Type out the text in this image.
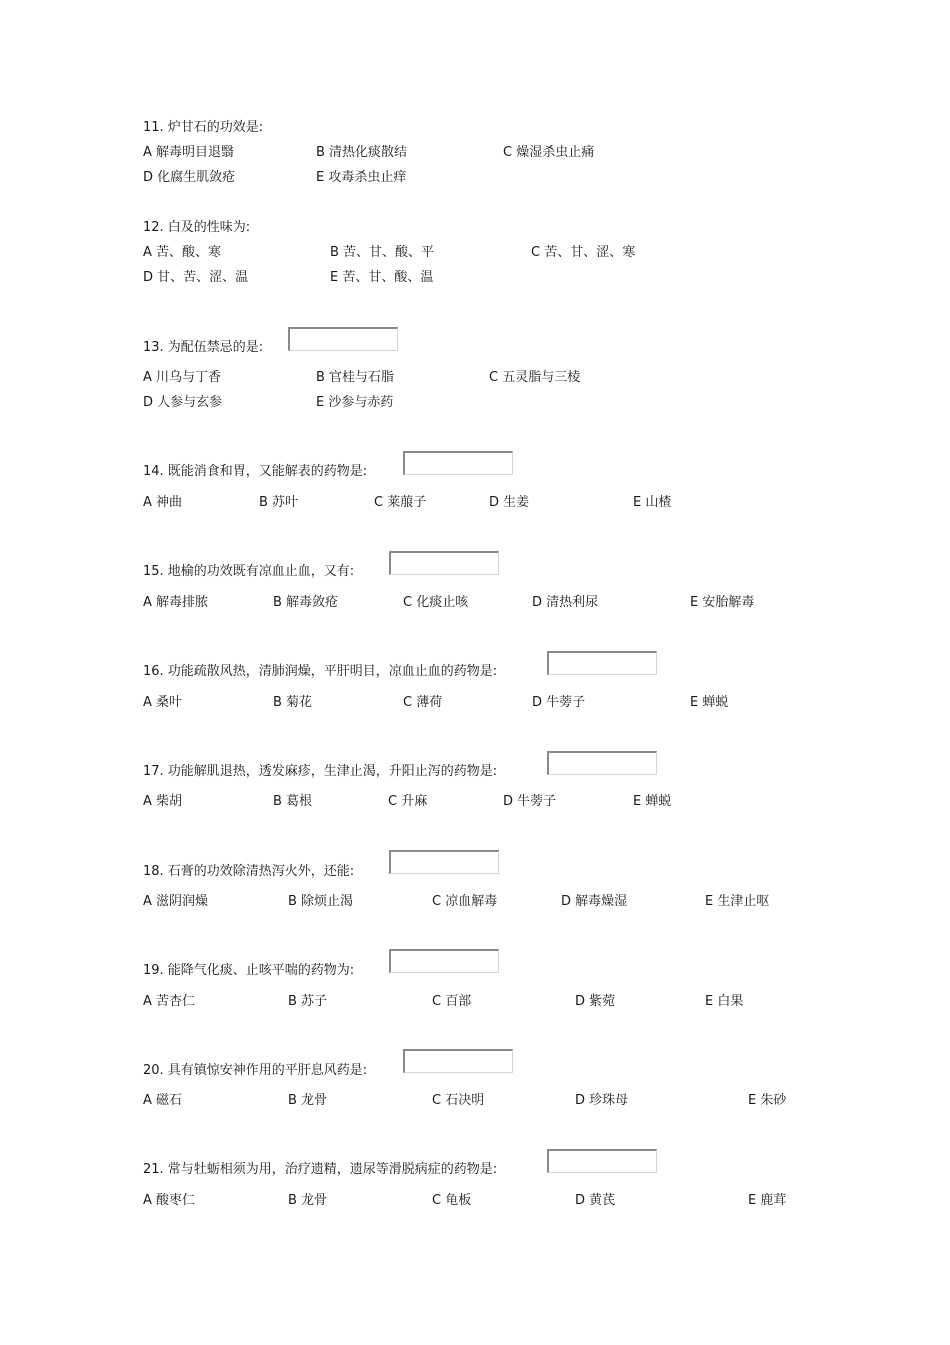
11. 炉甘石的功效是:
A 解毒明目退翳	B 清热化痰散结	C 燥湿杀虫止痛
D 化腐生肌敛疮	E 攻毒杀虫止痒
12. 白及的性味为:
A 苦、酸、寒	B 苦、甘、酸、平	C 苦、甘、涩、寒
D 甘、苦、涩、温	E 苦、甘、酸、温
13. 为配伍禁忌的是:
A 川乌与丁香	B 官桂与石脂	C 五灵脂与三棱
D 人参与玄参	E 沙参与赤药
14. 既能消食和胃，又能解表的药物是:
A 神曲	B 苏叶	C 莱菔子	D 生姜	E 山楂
15. 地榆的功效既有凉血止血，又有:
A 解毒排脓	B 解毒敛疮	C 化痰止咳	D 清热利尿	E 安胎解毒
16. 功能疏散风热，清肺润燥，平肝明目，凉血止血的药物是:
A 桑叶	B 菊花	C 薄荷	D 牛蒡子	E 蝉蜕
17. 功能解肌退热，透发麻疹，生津止渴，升阳止泻的药物是:
A 柴胡	B 葛根	C 升麻	D 牛蒡子	E 蝉蜕
18. 石膏的功效除清热泻火外，还能:
A 滋阴润燥	B 除烦止渴	C 凉血解毒	D 解毒燥湿	E 生津止呕
19. 能降气化痰、止咳平喘的药物为:
A 苦杏仁	B 苏子	C 百部	D 紫菀	E 白果
20. 具有镇惊安神作用的平肝息风药是:
A 磁石	B 龙骨	C 石决明	D 珍珠母	E 朱砂
21. 常与牡蛎相须为用，治疗遗精，遗尿等滑脱病症的药物是:
A 酸枣仁	B 龙骨	C 龟板	D 黄芪	E 鹿茸
